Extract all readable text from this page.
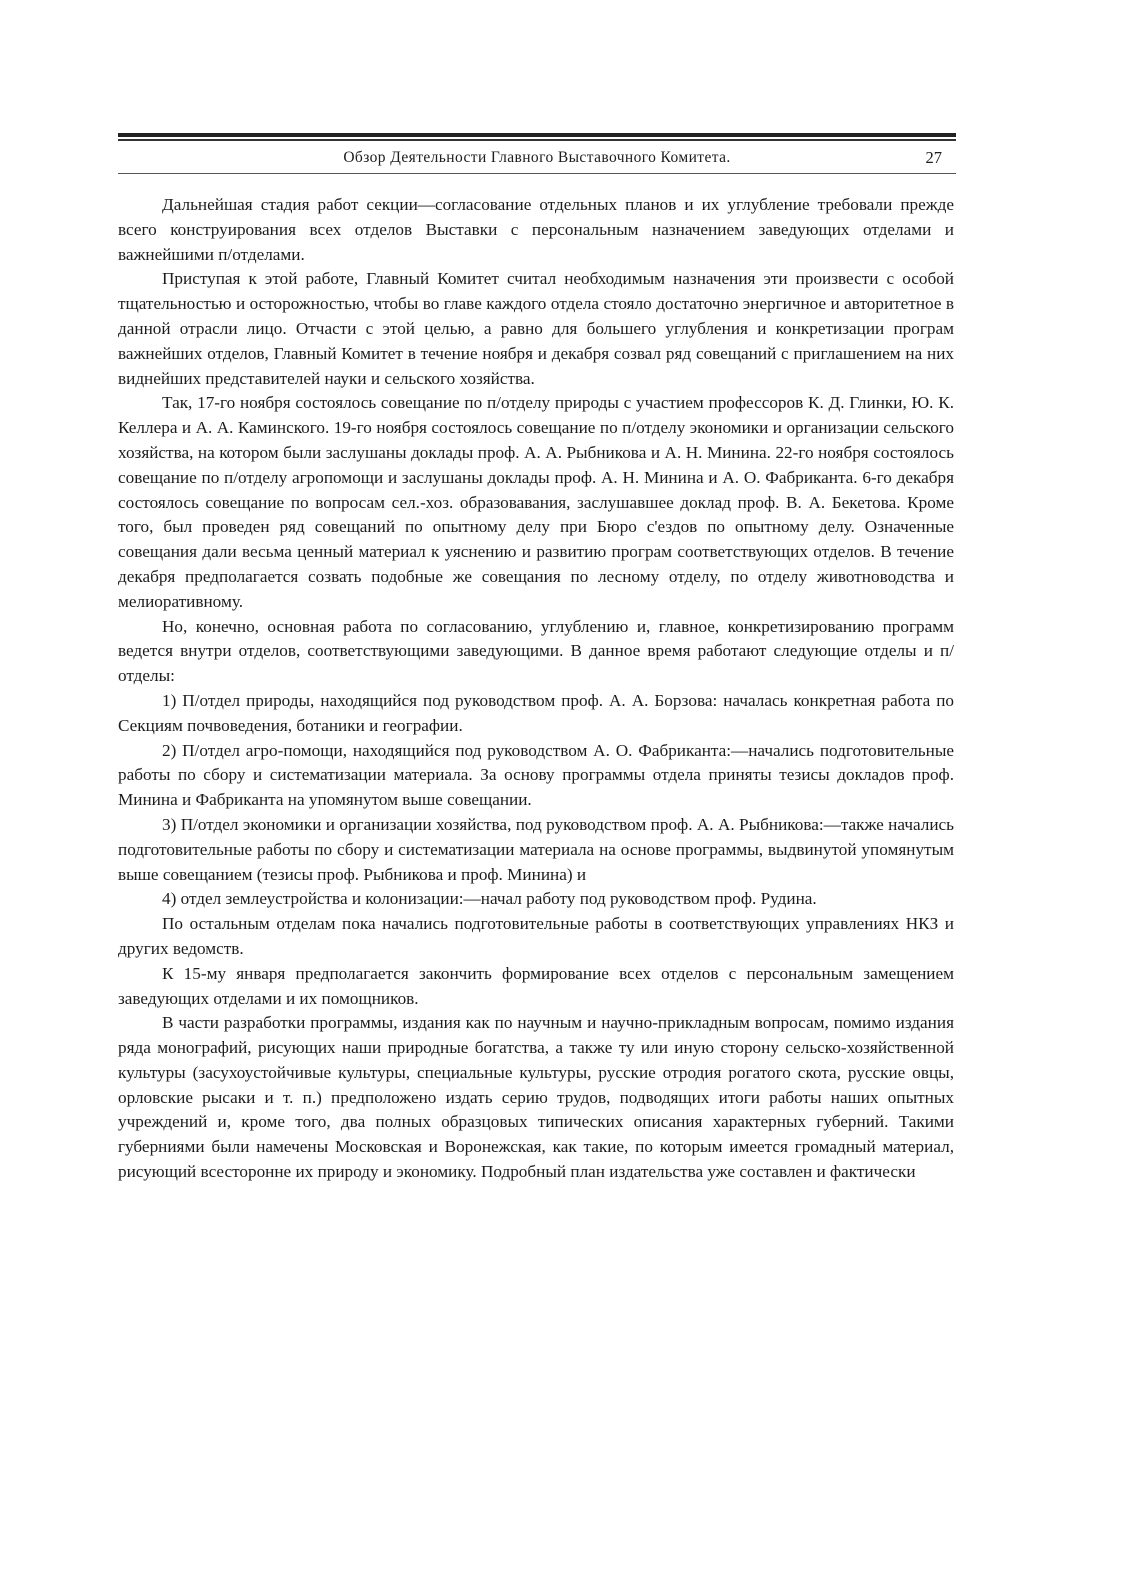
Обзор Деятельности Главного Выставочного Комитета.	27

Дальнейшая стадия работ секции—согласование отдельных планов и их углубление требовали прежде всего конструирования всех отделов Выставки с персональным назначением заведующих отделами и важнейшими п/отделами.

Приступая к этой работе, Главный Комитет считал необходимым назначения эти произвести с особой тщательностью и осторожностью, чтобы во главе каждого отдела стояло достаточно энергичное и авторитетное в данной отрасли лицо. Отчасти с этой целью, а равно для большего углубления и конкретизации програм важнейших отделов, Главный Комитет в течение ноября и декабря созвал ряд совещаний с приглашением на них виднейших представителей науки и сельского хозяйства.

Так, 17-го ноября состоялось совещание по п/отделу природы с участием профессоров К. Д. Глинки, Ю. К. Келлера и А. А. Каминского. 19-го ноября состоялось совещание по п/отделу экономики и организации сельского хозяйства, на котором были заслушаны доклады проф. А. А. Рыбникова и А. Н. Минина. 22-го ноября состоялось совещание по п/отделу агропомощи и заслушаны доклады проф. А. Н. Минина и А. О. Фабриканта. 6-го декабря состоялось совещание по вопросам сел.-хоз. образовавания, заслушавшее доклад проф. В. А. Бекетова. Кроме того, был проведен ряд совещаний по опытному делу при Бюро с'ездов по опытному делу. Означенные совещания дали весьма ценный материал к уяснению и развитию програм соответствующих отделов. В течение декабря предполагается созвать подобные же совещания по лесному отделу, по отделу животноводства и мелиоративному.

Но, конечно, основная работа по согласованию, углублению и, главное, конкретизированию программ ведется внутри отделов, соответствующими заведующими. В данное время работают следующие отделы и п/отделы:

1) П/отдел природы, находящийся под руководством проф. А. А. Борзова: началась конкретная работа по Секциям почвоведения, ботаники и географии.

2) П/отдел агро-помощи, находящийся под руководством А. О. Фабриканта:—начались подготовительные работы по сбору и систематизации материала. За основу программы отдела приняты тезисы докладов проф. Минина и Фабриканта на упомянутом выше совещании.

3) П/отдел экономики и организации хозяйства, под руководством проф. А. А. Рыбникова:—также начались подготовительные работы по сбору и систематизации материала на основе программы, выдвинутой упомянутым выше совещанием (тезисы проф. Рыбникова и проф. Минина) и

4) отдел землеустройства и колонизации:—начал работу под руководством проф. Рудина.

По остальным отделам пока начались подготовительные работы в соответствующих управлениях НКЗ и других ведомств.

К 15-му января предполагается закончить формирование всех отделов с персональным замещением заведующих отделами и их помощников.

В части разработки программы, издания как по научным и научно-прикладным вопросам, помимо издания ряда монографий, рисующих наши природные богатства, а также ту или иную сторону сельско-хозяйственной культуры (засухоустойчивые культуры, специальные культуры, русские отродия рогатого скота, русские овцы, орловские рысаки и т. п.) предположено издать серию трудов, подводящих итоги работы наших опытных учреждений и, кроме того, два полных образцовых типических описания характерных губерний. Такими губерниями были намечены Московская и Воронежская, как такие, по которым имеется громадный материал, рисующий всесторонне их природу и экономику. Подробный план издательства уже составлен и фактически
